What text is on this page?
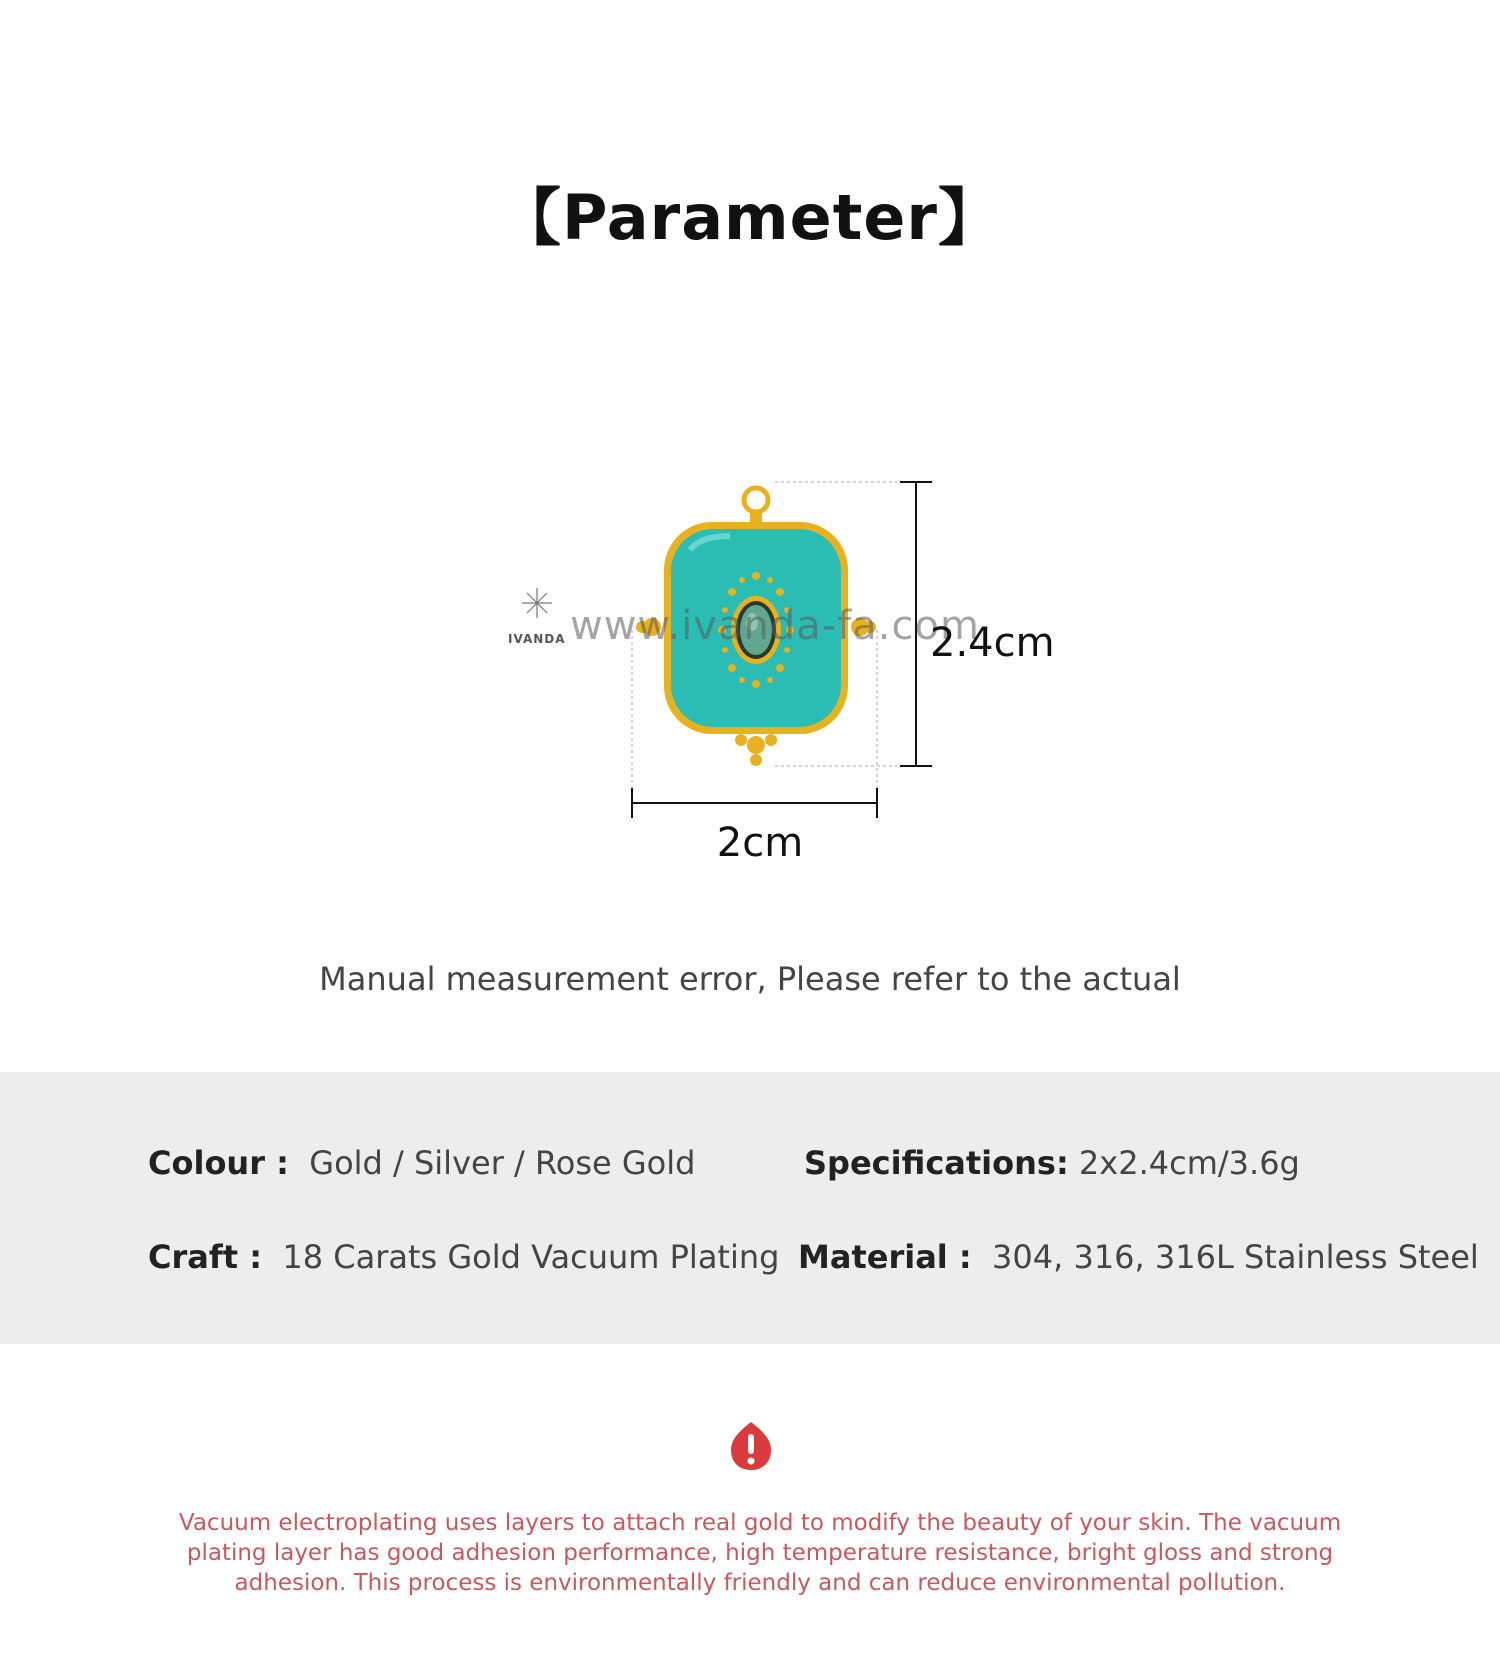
【Parameter】
www.ivanda-fa.com
IVANDA	2.4cm
2cm
Manual measurement error, Please refer to the actual
Colour : Gold / Silver / Rose Gold	Specifications: 2x2.4cm/3.6g
Craft : 18 Carats Gold Vacuum Plating Material : 304, 316, 316L Stainless Steel
Vacuum electroplating uses layers to attach real gold to modify the beauty of your skin. The vacuum plating layer has good adhesion performance, high temperature resistance, bright gloss and strong adhesion. This process is environmentally friendly and can reduce environmental pollution.
